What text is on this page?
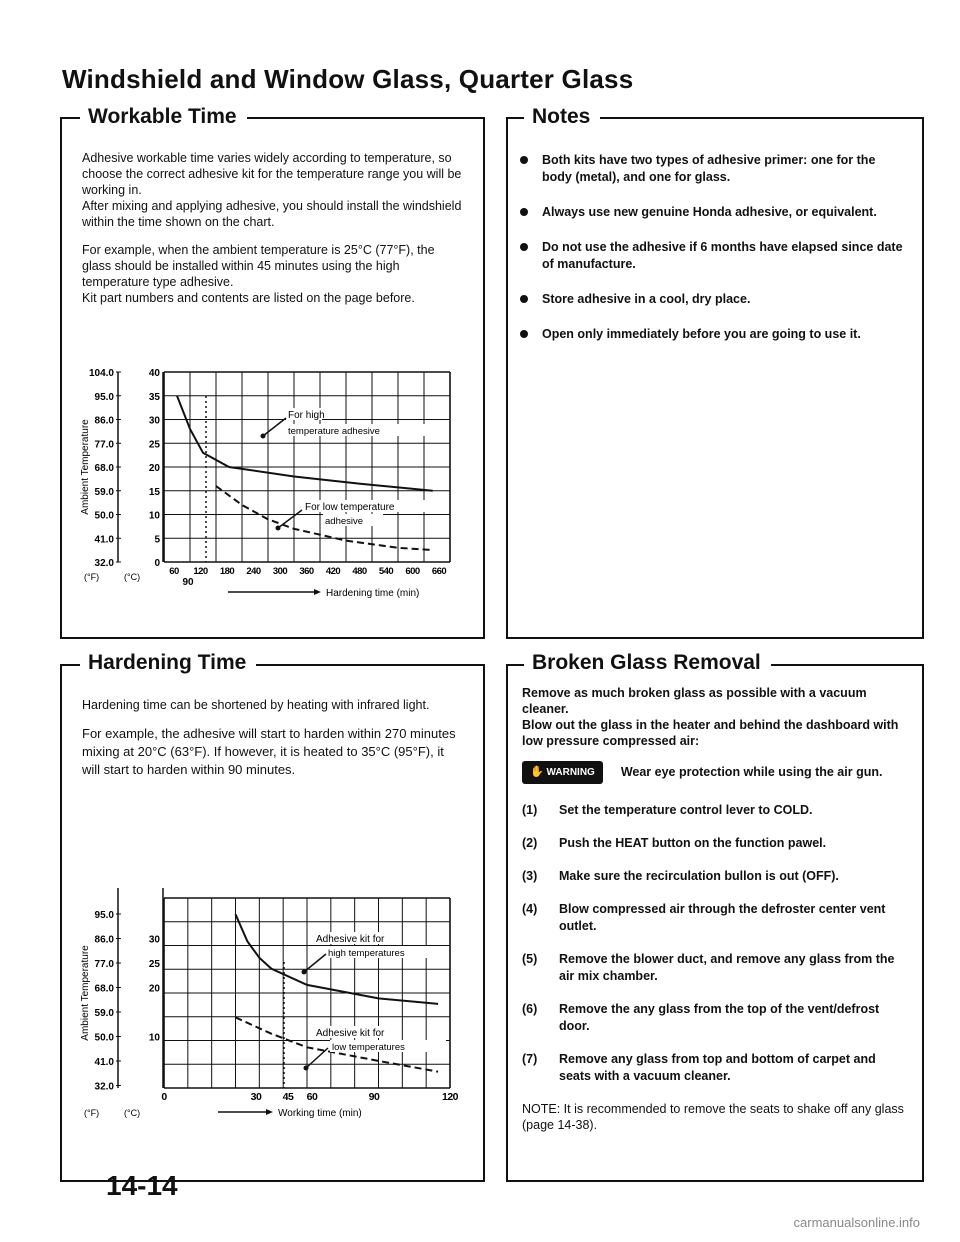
Windshield and Window Glass, Quarter Glass
Workable Time

Adhesive workable time varies widely according to temperature, so choose the correct adhesive kit for the temperature range you will be working in.

After mixing and applying adhesive, you should install the windshield within the time shown on the chart.

For example, when the ambient temperature is 25°C (77°F), the glass should be installed within 45 minutes using the high temperature type adhesive.

Kit part numbers and contents are listed on the page before.

104.0
95.0
86.0
77.0
68.0
59.0
50.0
41.0
32.0
40
35
30
25
20
15
10
5
0
(°F)	(°C)
Ambient Temperature
60 120 180 240 300 360 420 480 540 600 660
90
Hardening time (min)
For high
temperature adhesive
For low temperature
adhesive
Notes
Both kits have two types of adhesive primer: one for the body (metal), and one for glass.
Always use new genuine Honda adhesive, or equivalent.
Do not use the adhesive if 6 months have elapsed since date of manufacture.
Store adhesive in a cool, dry place.
Open only immediately before you are going to use it.
Hardening Time

Hardening time can be shortened by heating with infrared light.

For example, the adhesive will start to harden within 270 minutes mixing at 20°C (63°F). If however, it is heated to 35°C (95°F), it will start to harden within 90 minutes.

95.0
86.0
77.0
68.0
59.0
50.0
41.0
32.0
30
25
20
10
(°F)	(°C)
Ambient Temperature
0	30 45 60	90	120
Working time (min)
Adhesive kit for
high temperatures
Adhesive kit for
low temperatures
Broken Glass Removal

Remove as much broken glass as possible with a vacuum cleaner.

Blow out the glass in the heater and behind the dashboard with low pressure compressed air:

✋ WARNING Wear eye protection while using the air gun.

(1) Set the temperature control lever to COLD.
(2) Push the HEAT button on the function pawel.
(3) Make sure the recirculation bullon is out (OFF).
(4) Blow compressed air through the defroster center vent outlet.
(5) Remove the blower duct, and remove any glass from the air mix chamber.
(6) Remove the any glass from the top of the vent/defrost door.
(7) Remove any glass from top and bottom of carpet and seats with a vacuum cleaner.

NOTE: It is recommended to remove the seats to shake off any glass (page 14-38).

14-14
carmanualsonline.info
